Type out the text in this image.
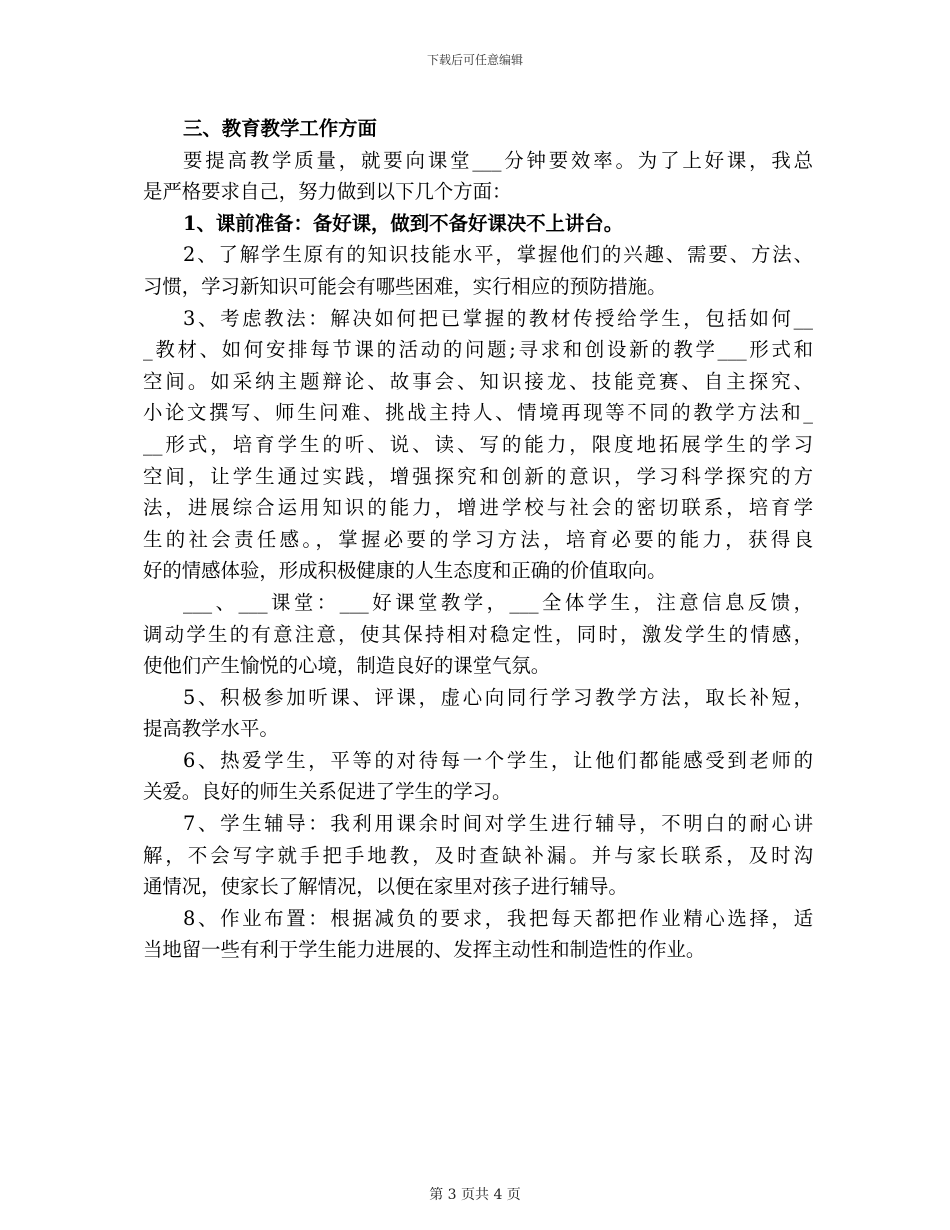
下载后可任意编辑
三、教育教学工作方面
要提高教学质量，就要向课堂___分钟要效率。为了上好课，我总
是严格要求自己，努力做到以下几个方面：
1、课前准备：备好课，做到不备好课决不上讲台。
2、了解学生原有的知识技能水平，掌握他们的兴趣、需要、方法、
习惯，学习新知识可能会有哪些困难，实行相应的预防措施。
3、考虑教法：解决如何把已掌握的教材传授给学生，包括如何__
_教材、如何安排每节课的活动的问题;寻求和创设新的教学___形式和
空间。如采纳主题辩论、故事会、知识接龙、技能竞赛、自主探究、
小论文撰写、师生问难、挑战主持人、情境再现等不同的教学方法和_
__形式，培育学生的听、说、读、写的能力，限度地拓展学生的学习
空间，让学生通过实践，增强探究和创新的意识，学习科学探究的方
法，进展综合运用知识的能力，增进学校与社会的密切联系，培育学
生的社会责任感。，掌握必要的学习方法，培育必要的能力，获得良
好的情感体验，形成积极健康的人生态度和正确的价值取向。
___、___课堂：___好课堂教学，___全体学生，注意信息反馈，
调动学生的有意注意，使其保持相对稳定性，同时，激发学生的情感，
使他们产生愉悦的心境，制造良好的课堂气氛。
5、积极参加听课、评课，虚心向同行学习教学方法，取长补短，
提高教学水平。
6、热爱学生，平等的对待每一个学生，让他们都能感受到老师的
关爱。良好的师生关系促进了学生的学习。
7、学生辅导：我利用课余时间对学生进行辅导，不明白的耐心讲
解，不会写字就手把手地教，及时查缺补漏。并与家长联系，及时沟
通情况，使家长了解情况，以便在家里对孩子进行辅导。
8、作业布置：根据减负的要求，我把每天都把作业精心选择，适
当地留一些有利于学生能力进展的、发挥主动性和制造性的作业。
第 3 页共 4 页
